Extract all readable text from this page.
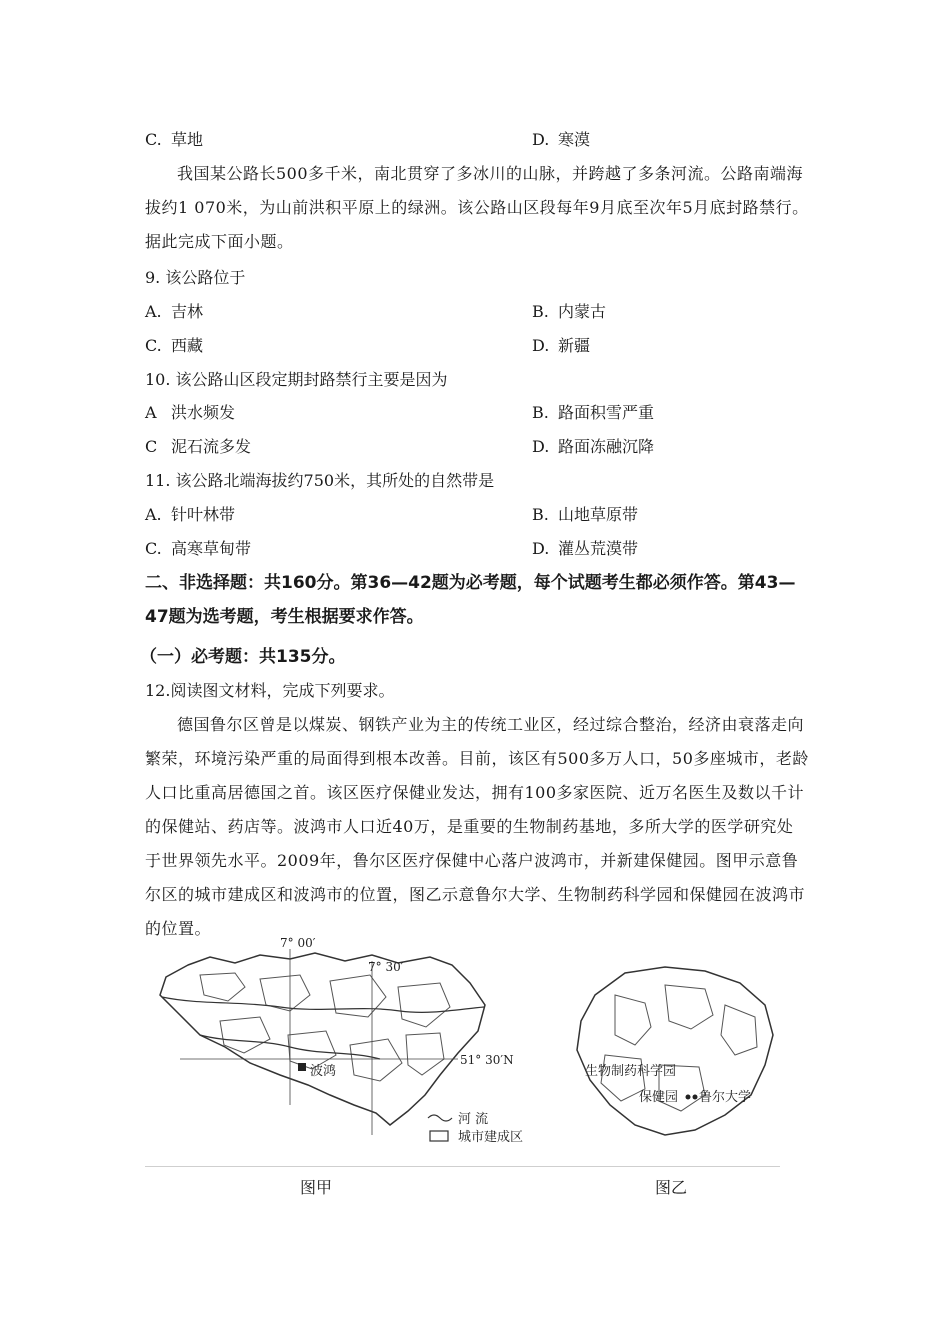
C. 草地	D. 寒漠
我国某公路长500多千米，南北贯穿了多冰川的山脉，并跨越了多条河流。公路南端海拔约1 070米，为山前洪积平原上的绿洲。该公路山区段每年9月底至次年5月底封路禁行。据此完成下面小题。
9. 该公路位于
A. 吉林	B. 内蒙古
C. 西藏	D. 新疆
10. 该公路山区段定期封路禁行主要是因为
A 洪水频发	B. 路面积雪严重
C 泥石流多发	D. 路面冻融沉降
11. 该公路北端海拔约750米，其所处的自然带是
A. 针叶林带	B. 山地草原带
C. 高寒草甸带	D. 灌丛荒漠带
二、非选择题：共160分。第36—42题为必考题，每个试题考生都必须作答。第43—47题为选考题，考生根据要求作答。
（一）必考题：共135分。
12.阅读图文材料，完成下列要求。
德国鲁尔区曾是以煤炭、钢铁产业为主的传统工业区，经过综合整治，经济由衰落走向繁荣，环境污染严重的局面得到根本改善。目前，该区有500多万人口，50多座城市，老龄人口比重高居德国之首。该区医疗保健业发达，拥有100多家医院、近万名医生及数以千计的保健站、药店等。波鸿市人口近40万，是重要的生物制药基地，多所大学的医学研究处于世界领先水平。2009年，鲁尔区医疗保健中心落户波鸿市，并新建保健园。图甲示意鲁尔区的城市建成区和波鸿市的位置，图乙示意鲁尔大学、生物制药科学园和保健园在波鸿市的位置。
7° 00′
7° 30′
51° 30′N
波鸿
河 流
城市建成区
生物制药科学园
保健园 鲁尔大学
图甲	图乙
